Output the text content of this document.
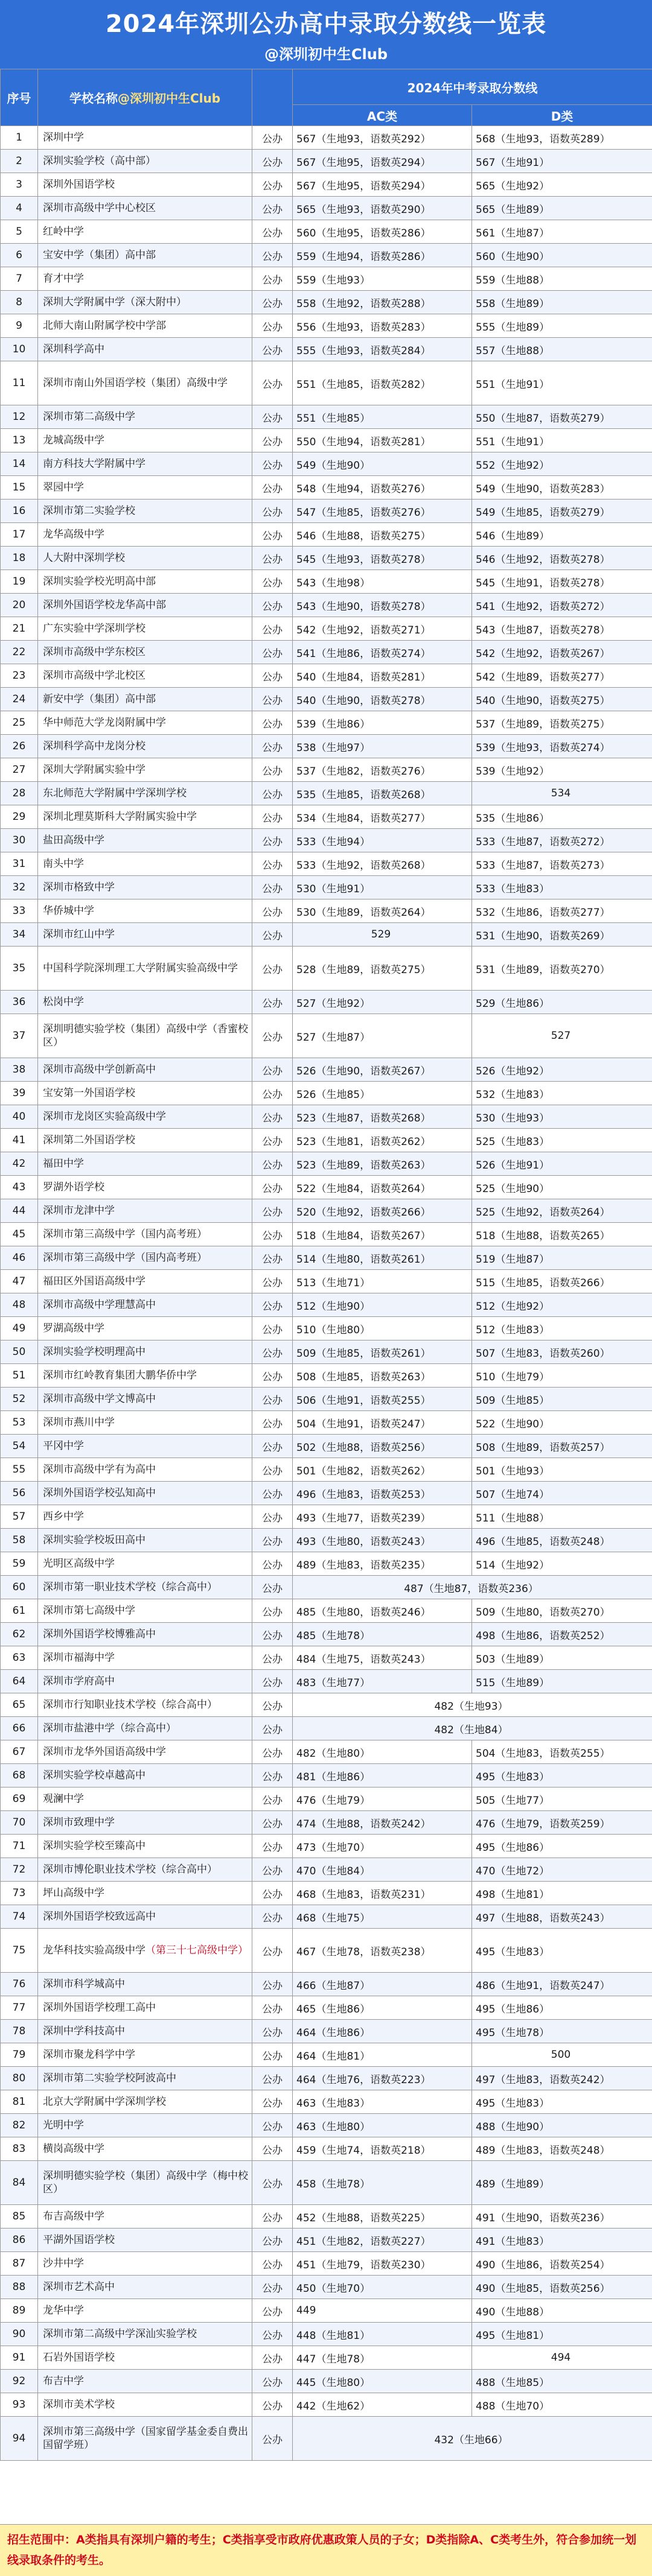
2024年深圳公办高中录取分数线一览表
@深圳初中生Club
序号	学校名称@深圳初中生Club		2024年中考录取分数线	
			AC类	D类
1	深圳中学	公办	567（生地93，语数英292）	568（生地93，语数英289）
2	深圳实验学校（高中部）	公办	567（生地95，语数英294）	567（生地91）
3	深圳外国语学校	公办	567（生地95，语数英294）	565（生地92）
4	深圳市高级中学中心校区	公办	565（生地93，语数英290）	565（生地89）
5	红岭中学	公办	560（生地95，语数英286）	561（生地87）
6	宝安中学（集团）高中部	公办	559（生地94，语数英286）	560（生地90）
7	育才中学	公办	559（生地93）	559（生地88）
8	深圳大学附属中学（深大附中）	公办	558（生地92，语数英288）	558（生地89）
9	北师大南山附属学校中学部	公办	556（生地93，语数英283）	555（生地89）
10	深圳科学高中	公办	555（生地93，语数英284）	557（生地88）
11	深圳市南山外国语学校（集团）高级中学	公办	551（生地85，语数英282）	551（生地91）
12	深圳市第二高级中学	公办	551（生地85）	550（生地87，语数英279）
13	龙城高级中学	公办	550（生地94，语数英281）	551（生地91）
14	南方科技大学附属中学	公办	549（生地90）	552（生地92）
15	翠园中学	公办	548（生地94，语数英276）	549（生地90，语数英283）
16	深圳市第二实验学校	公办	547（生地85，语数英276）	549（生地85，语数英279）
17	龙华高级中学	公办	546（生地88，语数英275）	546（生地89）
18	人大附中深圳学校	公办	545（生地93，语数英278）	546（生地92，语数英278）
19	深圳实验学校光明高中部	公办	543（生地98）	545（生地91，语数英278）
20	深圳外国语学校龙华高中部	公办	543（生地90，语数英278）	541（生地92，语数英272）
21	广东实验中学深圳学校	公办	542（生地92，语数英271）	543（生地87，语数英278）
22	深圳市高级中学东校区	公办	541（生地86，语数英274）	542（生地92，语数英267）
23	深圳市高级中学北校区	公办	540（生地84，语数英281）	542（生地89，语数英277）
24	新安中学（集团）高中部	公办	540（生地90，语数英278）	540（生地90，语数英275）
25	华中师范大学龙岗附属中学	公办	539（生地86）	537（生地89，语数英275）
26	深圳科学高中龙岗分校	公办	538（生地97）	539（生地93，语数英274）
27	深圳大学附属实验中学	公办	537（生地82，语数英276）	539（生地92）
28	东北师范大学附属中学深圳学校	公办	535（生地85，语数英268）	534
29	深圳北理莫斯科大学附属实验中学	公办	534（生地84，语数英277）	535（生地86）
30	盐田高级中学	公办	533（生地94）	533（生地87，语数英272）
31	南头中学	公办	533（生地92，语数英268）	533（生地87，语数英273）
32	深圳市格致中学	公办	530（生地91）	533（生地83）
33	华侨城中学	公办	530（生地89，语数英264）	532（生地86，语数英277）
34	深圳市红山中学	公办	529	531（生地90，语数英269）
35	中国科学院深圳理工大学附属实验高级中学	公办	528（生地89，语数英275）	531（生地89，语数英270）
36	松岗中学	公办	527（生地92）	529（生地86）
37	深圳明德实验学校（集团）高级中学（香蜜校区）	公办	527（生地87）	527
38	深圳市高级中学创新高中	公办	526（生地90，语数英267）	526（生地92）
39	宝安第一外国语学校	公办	526（生地85）	532（生地83）
40	深圳市龙岗区实验高级中学	公办	523（生地87，语数英268）	530（生地93）
41	深圳第二外国语学校	公办	523（生地81，语数英262）	525（生地83）
42	福田中学	公办	523（生地89，语数英263）	526（生地91）
43	罗湖外语学校	公办	522（生地84，语数英264）	525（生地90）
44	深圳市龙津中学	公办	520（生地92，语数英266）	525（生地92，语数英264）
45	深圳市第三高级中学（国内高考班）	公办	518（生地84，语数英267）	518（生地88，语数英265）
46	深圳市第三高级中学（国内高考班）	公办	514（生地80，语数英261）	519（生地87）
47	福田区外国语高级中学	公办	513（生地71）	515（生地85，语数英266）
48	深圳市高级中学理慧高中	公办	512（生地90）	512（生地92）
49	罗湖高级中学	公办	510（生地80）	512（生地83）
50	深圳实验学校明理高中	公办	509（生地85，语数英261）	507（生地83，语数英260）
51	深圳市红岭教育集团大鹏华侨中学	公办	508（生地85，语数英263）	510（生地79）
52	深圳市高级中学文博高中	公办	506（生地91，语数英255）	509（生地85）
53	深圳市燕川中学	公办	504（生地91，语数英247）	522（生地90）
54	平冈中学	公办	502（生地88，语数英256）	508（生地89，语数英257）
55	深圳市高级中学有为高中	公办	501（生地82，语数英262）	501（生地93）
56	深圳外国语学校弘知高中	公办	496（生地83，语数英253）	507（生地74）
57	西乡中学	公办	493（生地77，语数英239）	511（生地88）
58	深圳实验学校坂田高中	公办	493（生地80，语数英243）	496（生地85，语数英248）
59	光明区高级中学	公办	489（生地83，语数英235）	514（生地92）
60	深圳市第一职业技术学校（综合高中）	公办	487（生地87，语数英236）	
61	深圳市第七高级中学	公办	485（生地80，语数英246）	509（生地80，语数英270）
62	深圳外国语学校博雅高中	公办	485（生地78）	498（生地86，语数英252）
63	深圳市福海中学	公办	484（生地75，语数英243）	503（生地89）
64	深圳市学府高中	公办	483（生地77）	515（生地89）
65	深圳市行知职业技术学校（综合高中）	公办	482（生地93）	
66	深圳市盐港中学（综合高中）	公办	482（生地84）	
67	深圳市龙华外国语高级中学	公办	482（生地80）	504（生地83，语数英255）
68	深圳实验学校卓越高中	公办	481（生地86）	495（生地83）
69	观澜中学	公办	476（生地79）	505（生地77）
70	深圳市致理中学	公办	474（生地88，语数英242）	476（生地79，语数英259）
71	深圳实验学校至臻高中	公办	473（生地70）	495（生地86）
72	深圳市博伦职业技术学校（综合高中）	公办	470（生地84）	470（生地72）
73	坪山高级中学	公办	468（生地83，语数英231）	498（生地81）
74	深圳外国语学校致远高中	公办	468（生地75）	497（生地88，语数英243）
75	龙华科技实验高级中学（第三十七高级中学）	公办	467（生地78，语数英238）	495（生地83）
76	深圳市科学城高中	公办	466（生地87）	486（生地91，语数英247）
77	深圳外国语学校理工高中	公办	465（生地86）	495（生地86）
78	深圳中学科技高中	公办	464（生地86）	495（生地78）
79	深圳市聚龙科学中学	公办	464（生地81）	500
80	深圳市第二实验学校阿波高中	公办	464（生地76，语数英223）	497（生地83，语数英242）
81	北京大学附属中学深圳学校	公办	463（生地83）	495（生地83）
82	光明中学	公办	463（生地80）	488（生地90）
83	横岗高级中学	公办	459（生地74，语数英218）	489（生地83，语数英248）
84	深圳明德实验学校（集团）高级中学（梅中校区）	公办	458（生地78）	489（生地89）
85	布吉高级中学	公办	452（生地88，语数英225）	491（生地90，语数英236）
86	平湖外国语学校	公办	451（生地82，语数英227）	491（生地83）
87	沙井中学	公办	451（生地79，语数英230）	490（生地86，语数英254）
88	深圳市艺术高中	公办	450（生地70）	490（生地85，语数英256）
89	龙华中学	公办	449	490（生地88）
90	深圳市第二高级中学深汕实验学校	公办	448（生地81）	495（生地81）
91	石岩外国语学校	公办	447（生地78）	494
92	布吉中学	公办	445（生地80）	488（生地85）
93	深圳市美术学校	公办	442（生地62）	488（生地70）
94	深圳市第三高级中学（国家留学基金委自费出国留学班）	公办	432（生地66）	
招生范围中：A类指具有深圳户籍的考生；C类指享受市政府优惠政策人员的子女；D类指除A、C类考生外，符合参加统一划线录取条件的考生。
